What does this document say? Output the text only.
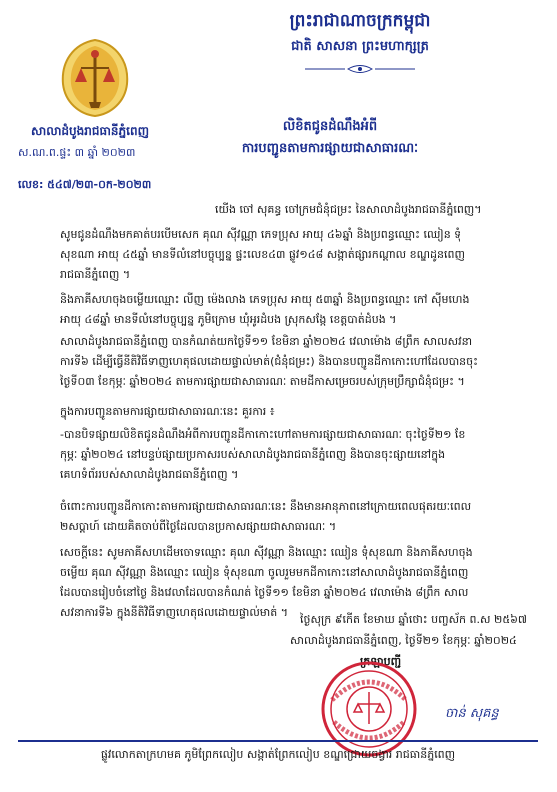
ព្រះរាជាណាចក្រកម្ពុជា
ជាតិ សាសនា ព្រះមហាក្សត្រ
សាលាដំបូងរាជធានីភ្នំពេញ
ស.ណ.ព.ផ្ទះ ៣ ឆ្នាំ ២០២៣
លេខ: ៥៤៧/២៣-០ក-២០២៣
លិខិតជូនដំណឹងអំពី
ការបញ្ជូនតាមការផ្សាយជាសាធារណៈ
យើង ចៅ សុគន្ធ ចៅក្រមជំនុំជម្រះ នៃសាលាដំបូងរាជធានីភ្នំពេញ។
សូមជូនដំណឹងមកគាត់បរបើមសេក គុណ ស៊ីវណ្ណា ភេទប្រុស អាយុ ៤៦ឆ្នាំ និងប្រពន្ធឈ្មោះ ឈៀន ទុំសុខណា អាយុ ៤៥ឆ្នាំ មានទីលំនៅបច្ចុប្បន្ន ផ្ទះលេខ៤៣ ផ្លូវ១៤៨ សង្កាត់ផ្សារកណ្ដាល ខណ្ឌដូនពេញ រាជធានីភ្នំពេញ ។
និងភាគីសហចុងចម្លើយឈ្មោះ លីញ ម៉េងលាង ភេទប្រុស អាយុ ៥៣ឆ្នាំ និងប្រពន្ធឈ្មោះ កៅ ស៊ីមហេង អាយុ ៤៨ឆ្នាំ មានទីលំនៅបច្ចុប្បន្ន ភូមិក្រោម ឃុំអូរដំបង ស្រុកសង្កែ ខេត្តបាត់ដំបង ។
សាលាដំបូងរាជធានីភ្នំពេញ បានកំណត់យកថ្ងៃទី១១ ខែមិនា ឆ្នាំ២០២៤ វេលាម៉ោង ៨ព្រឹក សាលសវនាការទី៦ ដើម្បីធ្វើនីតិវិធីទាញហេតុផលដោយផ្ទាល់មាត់(ជំនុំជម្រះ) និងបានបញ្ជូនដីកាកោះហៅដែលបានចុះថ្ងៃទី០៣ ខែកុម្ភៈ ឆ្នាំ២០២៤ តាមការផ្សាយជាសាធារណៈ តាមដីកាសម្រេចរបស់ក្រុមប្រឹក្សាជំនុំជម្រះ ។
ក្នុងការបញ្ជូនតាមការផ្សាយជាសាធារណៈនេះ គួរការ ៖
-បានបិទផ្សាយលិខិតជូនដំណឹងអំពីការបញ្ជូនដីកាកោះហៅតាមការផ្សាយជាសាធារណៈ ចុះថ្ងៃទី២១ ខែកុម្ភៈ ឆ្នាំ២០២៤ នៅបន្ទប់ផ្សាយប្រកាសរបស់សាលាដំបូងរាជធានីភ្នំពេញ និងបានចុះផ្សាយនៅក្នុងគេហទំព័ររបស់សាលាដំបូងរាជធានីភ្នំពេញ ។
ចំពោះការបញ្ជូនដីកាកោះតាមការផ្សាយជាសាធារណៈនេះ នឹងមានអានុភាពនៅក្រោយពេលផុតរយៈពេល ២សប្ដាហ៍ ដោយគិតចាប់ពីថ្ងៃដែលបានប្រកាសផ្សាយជាសាធារណៈ ។
សេចក្ដីនេះ សូមភាគីសហដើមចោទឈ្មោះ គុណ ស៊ីវណ្ណា និងឈ្មោះ ឈៀន ទុំសុខណា និងភាគីសហចុងចម្លើយ គុណ ស៊ីវណ្ណា និងឈ្មោះ ឈៀន ទុំសុខណា ចូលរួមមកដីកាកោះនៅសាលាដំបូងរាជធានីភ្នំពេញ ដែលបានរៀបចំនៅថ្ងៃ និងវេលាដែលបានកំណត់ ថ្ងៃទី១១ ខែមិនា ឆ្នាំ២០២៤ វេលាម៉ោង ៨ព្រឹក សាលសវនាការទី៦ ក្នុងនីតិវិធីទាញហេតុផលដោយផ្ទាល់មាត់ ។
ថ្ងៃសុក្រ ៩កើត ខែមាឃ ឆ្នាំថោះ បញ្ចស័ក ព.ស ២៥៦៧
សាលាដំបូងរាជធានីភ្នំពេញ, ថ្ងៃទី២១ ខែកុម្ភៈ ឆ្នាំ២០២៤
ក្រឡាបញ្ជី
ចាន់ សុគន្ធ
ផ្លូវលោកតាក្រហមគ ភូមិព្រែកលៀប សង្កាត់ព្រែកលៀប ខណ្ឌជ្រោយចង្វារ រាជធានីភ្នំពេញ
